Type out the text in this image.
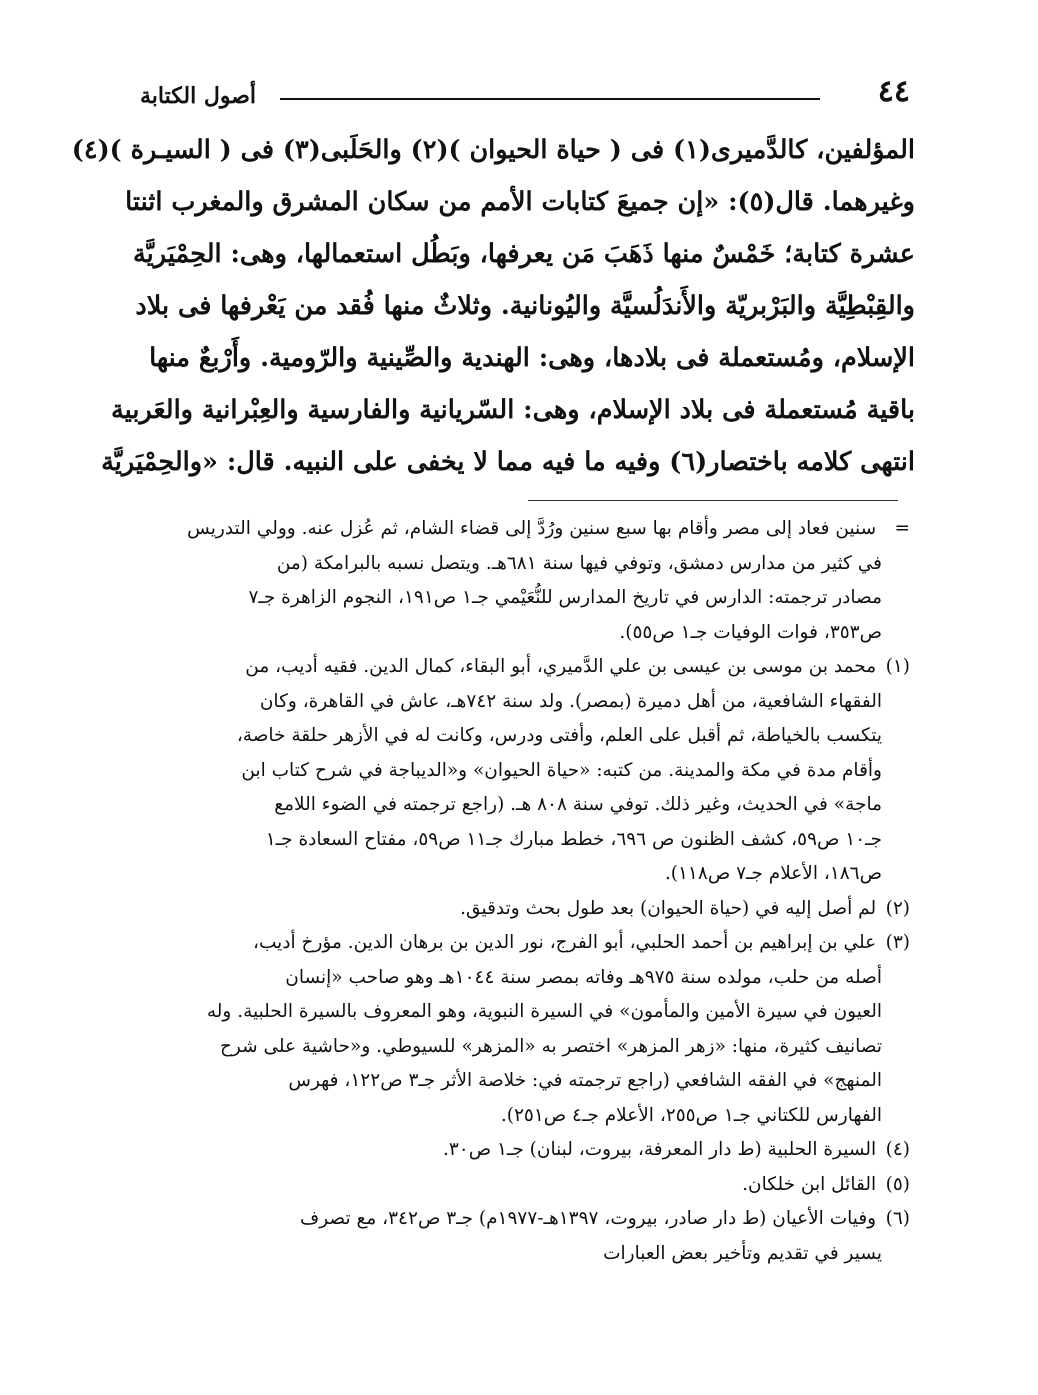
٤٤
أصول الكتابة
المؤلفين، كالدَّميرى(١) فى ( حياة الحيوان )(٢) والحَلَبى(٣) فى ( السيـرة )(٤)
وغيرهما. قال(٥): «إن جميعَ كتابات الأمم من سكان المشرق والمغرب اثنتا
عشرة كتابة؛ خَمْسٌ منها ذَهَبَ مَن يعرفها، وبَطُل استعمالها، وهى: الحِمْيَريَّة
والقِبْطِيَّة والبَرْبريّة والأَندَلُسيَّة واليُونانية. وثلاثٌ منها فُقد من يَعْرفها فى بلاد
الإسلام، ومُستعملة فى بلادها، وهى: الهندية والصِّينية والرّومية. وأَرْبعٌ منها
باقية مُستعملة فى بلاد الإسلام، وهى: السّريانية والفارسية والعِبْرانية والعَربية
انتهى كلامه باختصار(٦) وفيه ما فيه مما لا يخفى على النبيه. قال: «والحِمْيَريَّة
= سنين فعاد إلى مصر وأقام بها سبع سنين ورُدَّ إلى قضاء الشام، ثم عُزل عنه. وولي التدريس
في كثير من مدارس دمشق، وتوفي فيها سنة ٦٨١هـ. ويتصل نسبه بالبرامكة (من
مصادر ترجمته: الدارس في تاريخ المدارس للنُّعَيْمي جـ١ ص١٩١، النجوم الزاهرة جـ٧
ص٣٥٣، فوات الوفيات جـ١ ص٥٥).
(١) محمد بن موسى بن عيسى بن علي الدَّميري، أبو البقاء، كمال الدين. فقيه أديب، من
الفقهاء الشافعية، من أهل دميرة (بمصر). ولد سنة ٧٤٢هـ، عاش في القاهرة، وكان
يتكسب بالخياطة، ثم أقبل على العلم، وأفتى ودرس، وكانت له في الأزهر حلقة خاصة،
وأقام مدة في مكة والمدينة. من كتبه: «حياة الحيوان» و«الديباجة في شرح كتاب ابن
ماجة» في الحديث، وغير ذلك. توفي سنة ٨٠٨ هـ. (راجع ترجمته في الضوء اللامع
جـ١٠ ص٥٩، كشف الظنون ص ٦٩٦، خطط مبارك جـ١١ ص٥٩، مفتاح السعادة جـ١
ص١٨٦، الأعلام جـ٧ ص١١٨).
(٢) لم أصل إليه في (حياة الحيوان) بعد طول بحث وتدقيق.
(٣) علي بن إبراهيم بن أحمد الحلبي، أبو الفرج، نور الدين بن برهان الدين. مؤرخ أديب،
أصله من حلب، مولده سنة ٩٧٥هـ وفاته بمصر سنة ١٠٤٤هـ وهو صاحب «إنسان
العيون في سيرة الأمين والمأمون» في السيرة النبوية، وهو المعروف بالسيرة الحلبية. وله
تصانيف كثيرة، منها: «زهر المزهر» اختصر به «المزهر» للسيوطي. و«حاشية على شرح
المنهج» في الفقه الشافعي (راجع ترجمته في: خلاصة الأثر جـ٣ ص١٢٢، فهرس
الفهارس للكتاني جـ١ ص٢٥٥، الأعلام جـ٤ ص٢٥١).
(٤) السيرة الحلبية (ط دار المعرفة، بيروت، لبنان) جـ١ ص٣٠.
(٥) القائل ابن خلكان.
(٦) وفيات الأعيان (ط دار صادر، بيروت، ١٣٩٧هـ-١٩٧٧م) جـ٣ ص٣٤٢، مع تصرف
يسير في تقديم وتأخير بعض العبارات
